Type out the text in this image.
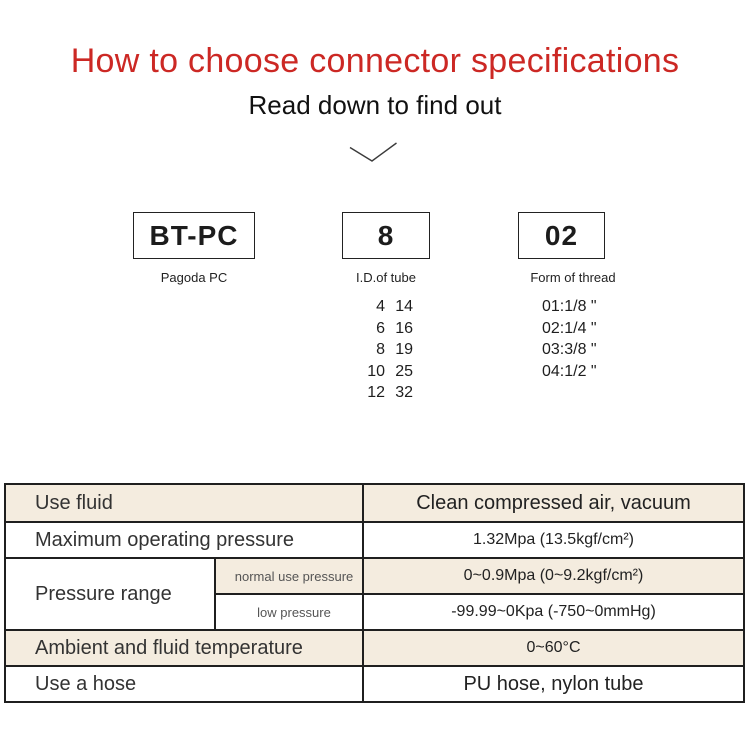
How to choose connector specifications
Read down to find out
BT-PC	8	02
Pagoda PC	I.D.of tube	Form of thread
4 14
6 16
8 19
10 25
12 32
01:1/8 "
02:1/4 "
03:3/8 "
04:1/2 "
Use fluid	Clean compressed air, vacuum
Maximum operating pressure	1.32Mpa (13.5kgf/cm²)
Pressure range
normal use pressure	0~0.9Mpa (0~9.2kgf/cm²)
low pressure	-99.99~0Kpa (-750~0mmHg)
Ambient and fluid temperature	0~60°C
Use a hose	PU hose, nylon tube
